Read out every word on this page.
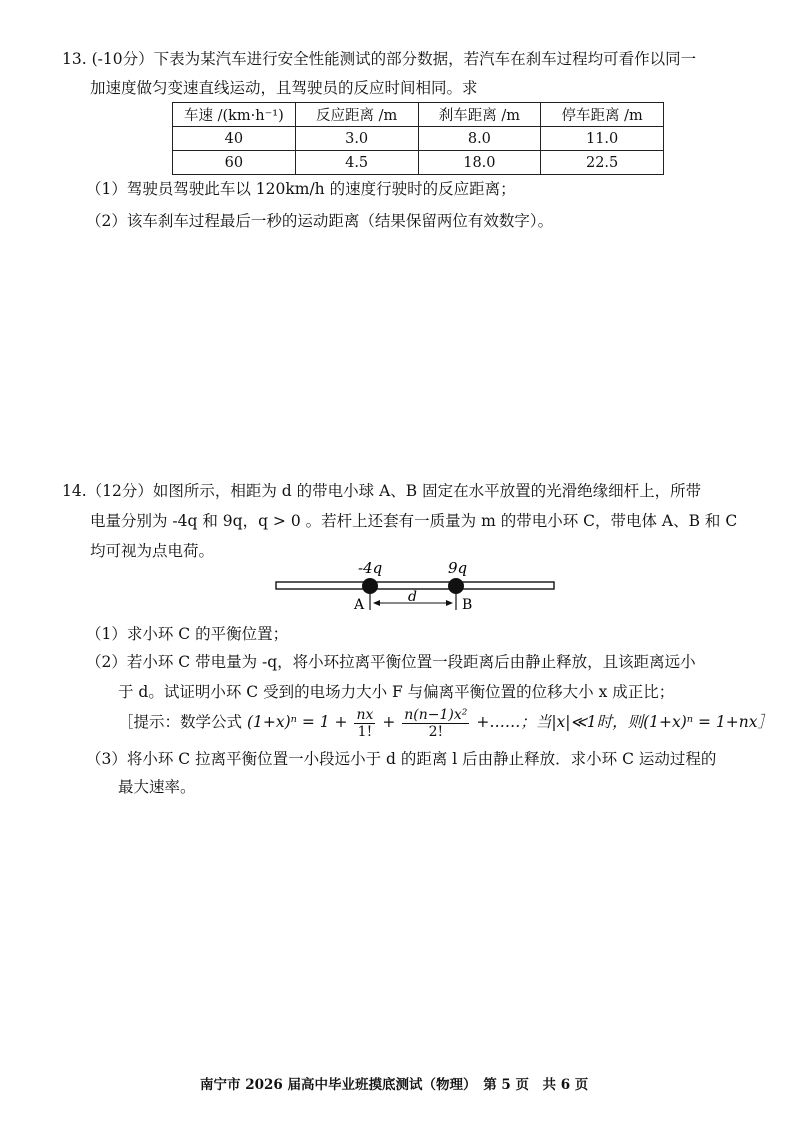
13. (-10分）下表为某汽车进行安全性能测试的部分数据，若汽车在刹车过程均可看作以同一
加速度做匀变速直线运动，且驾驶员的反应时间相同。求
车速 /(km·h⁻¹)	反应距离 /m	刹车距离 /m	停车距离 /m
40	3.0	8.0	11.0
60	4.5	18.0	22.5
（1）驾驶员驾驶此车以 120km/h 的速度行驶时的反应距离；
（2）该车刹车过程最后一秒的运动距离（结果保留两位有效数字）。
14.（12分）如图所示，相距为 d 的带电小球 A、B 固定在水平放置的光滑绝缘细杆上，所带
电量分别为 -4q 和 9q，q > 0 。若杆上还套有一质量为 m 的带电小环 C，带电体 A、B 和 C
均可视为点电荷。
-4q	9q
A	B
d
（1）求小环 C 的平衡位置；
（2）若小环 C 带电量为 -q，将小环拉离平衡位置一段距离后由静止释放，且该距离远小
于 d。试证明小环 C 受到的电场力大小 F 与偏离平衡位置的位移大小 x 成正比；
［提示：数学公式 $(1+x)^n = 1 + \frac{nx}{1!} + \frac{\text{n(n−1)x²}}{2!}$ +……；当|x|≪1时，则(1+x)ⁿ = 1+nx］
（3）将小环 C 拉离平衡位置一小段远小于 d 的距离 l 后由静止释放．求小环 C 运动过程的
最大速率。
南宁市 2026 届高中毕业班摸底测试（物理）　第 5 页　共 6 页
